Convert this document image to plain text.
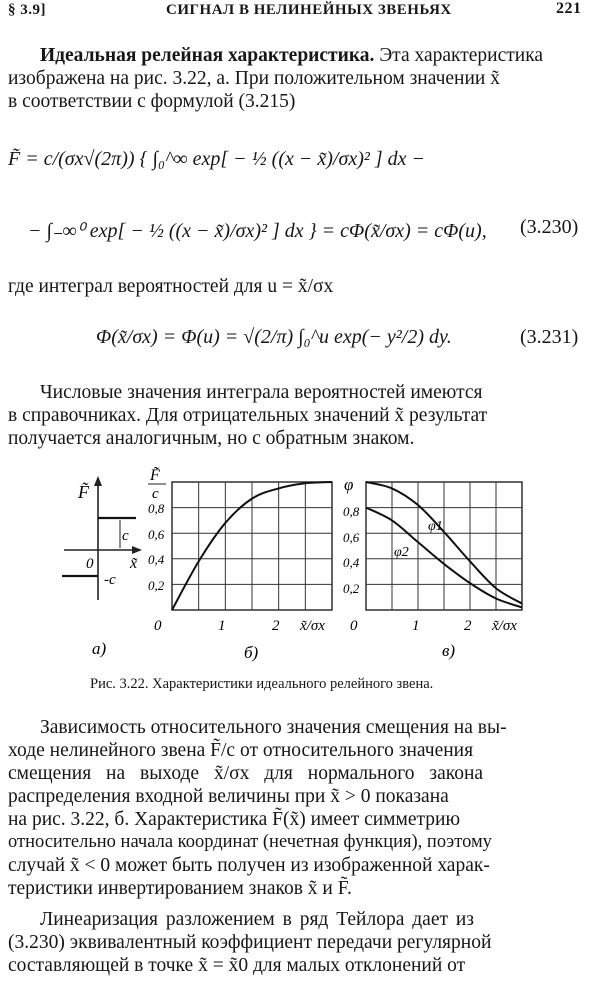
§ 3.9]	СИГНАЛ В НЕЛИНЕЙНЫХ ЗВЕНЬЯХ	221
Идеальная релейная характеристика. Эта характеристика
изображена на рис. 3.22, а. При положительном значении x̃
в соответствии с формулой (3.215)
F̃ = c/(σx√(2π)) { ∫₀^∞ exp[ − ½ ((x − x̃)/σx)² ] dx −
− ∫₋∞⁰ exp[ − ½ ((x − x̃)/σx)² ] dx } = cΦ(x̃/σx) = cΦ(u), (3.230)
где интеграл вероятностей для u = x̃/σx
Φ(x̃/σx) = Φ(u) = √(2/π) ∫₀^u exp(− y²/2) dy.	(3.231)
Числовые значения интеграла вероятностей имеются
в справочниках. Для отрицательных значений x̃ результат
получается аналогичным, но с обратным знаком.
F̃
c
-c
0 x̃
а)
F̃
c
0,8
0,6
0,4
0,2
0	1	2 x̃/σx
б)
φ
0,8
0,6
0,4
0,2
0	1	2 x̃/σx
φ1
φ2
в)
Рис. 3.22. Характеристики идеального релейного звена.
Зависимость относительного значения смещения на вы-
ходе нелинейного звена F̃/c от относительного значения
смещения на выходе x̃/σx для нормального закона
распределения входной величины при x̃ > 0 показана
на рис. 3.22, б. Характеристика F̃(x̃) имеет симметрию
относительно начала координат (нечетная функция), поэтому
случай x̃ < 0 может быть получен из изображенной харак-
теристики инвертированием знаков x̃ и F̃.
Линеаризация разложением в ряд Тейлора дает из
(3.230) эквивалентный коэффициент передачи регулярной
составляющей в точке x̃ = x̃0 для малых отклонений от
